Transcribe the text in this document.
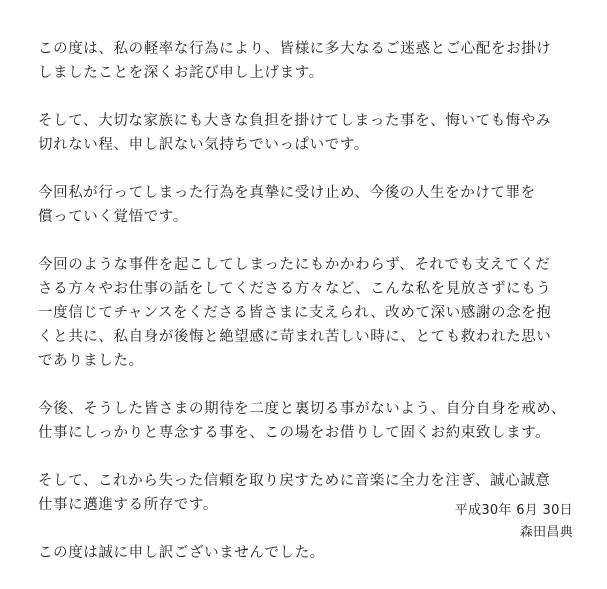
この度は、私の軽率な行為により、皆様に多大なるご迷惑とご心配をお掛け
しましたことを深くお詫び申し上げます。

そして、大切な家族にも大きな負担を掛けてしまった事を、悔いても悔やみ
切れない程、申し訳ない気持ちでいっぱいです。

今回私が行ってしまった行為を真摯に受け止め、今後の人生をかけて罪を
償っていく覚悟です。

今回のような事件を起こしてしまったにもかかわらず、それでも支えてくだ
さる方々やお仕事の話をしてくださる方々など、こんな私を見放さずにもう
一度信じてチャンスをくださる皆さまに支えられ、改めて深い感謝の念を抱
くと共に、私自身が後悔と絶望感に苛まれ苦しい時に、とても救われた思い
でありました。

今後、そうした皆さまの期待を二度と裏切る事がないよう、自分自身を戒め、
仕事にしっかりと専念する事を、この場をお借りして固くお約束致します。

そして、これから失った信頼を取り戻すために音楽に全力を注ぎ、誠心誠意
仕事に邁進する所存です。

この度は誠に申し訳ございませんでした。

平成30年 6月 30日
森田昌典
